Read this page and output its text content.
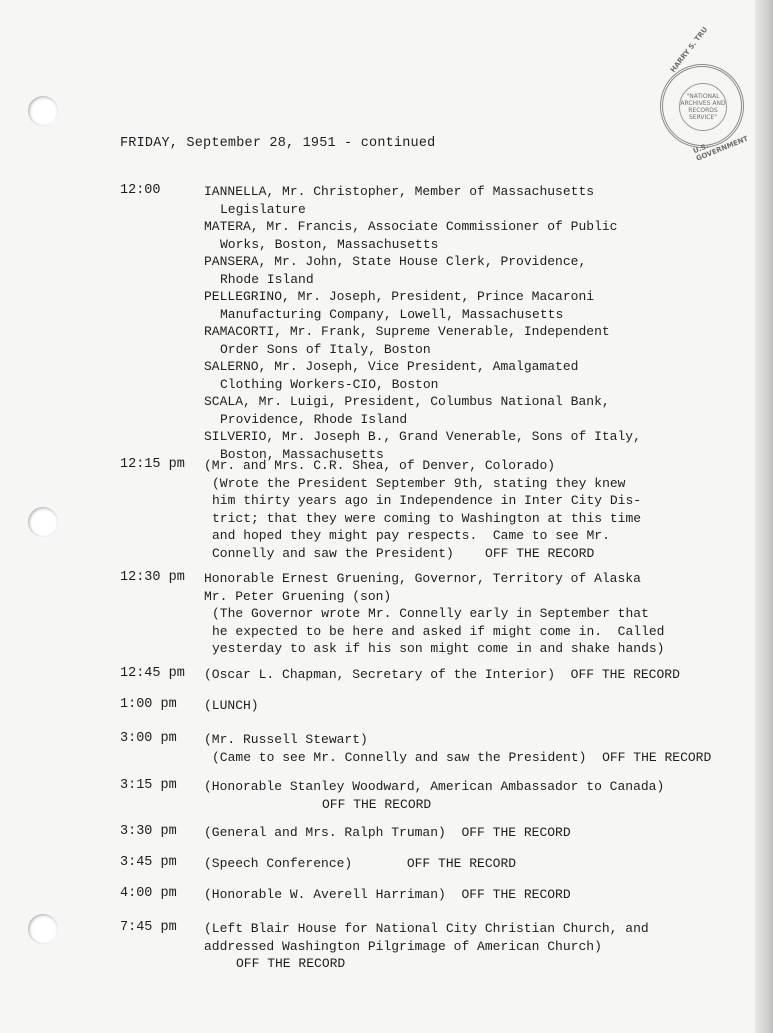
HARRY S. TRU
"NATIONAL
ARCHIVES AND
RECORDS
SERVICE"
U.S. GOVERNMENT
FRIDAY, September 28, 1951 - continued
12:00	IANNELLA, Mr. Christopher, Member of Massachusetts
Legislature
MATERA, Mr. Francis, Associate Commissioner of Public
Works, Boston, Massachusetts
PANSERA, Mr. John, State House Clerk, Providence,
Rhode Island
PELLEGRINO, Mr. Joseph, President, Prince Macaroni
Manufacturing Company, Lowell, Massachusetts
RAMACORTI, Mr. Frank, Supreme Venerable, Independent
Order Sons of Italy, Boston
SALERNO, Mr. Joseph, Vice President, Amalgamated
Clothing Workers-CIO, Boston
SCALA, Mr. Luigi, President, Columbus National Bank,
Providence, Rhode Island
SILVERIO, Mr. Joseph B., Grand Venerable, Sons of Italy,
Boston, Massachusetts
12:15 pm	(Mr. and Mrs. C.R. Shea, of Denver, Colorado)
(Wrote the President September 9th, stating they knew
him thirty years ago in Independence in Inter City Dis-
trict; that they were coming to Washington at this time
and hoped they might pay respects.  Came to see Mr.
Connelly and saw the President)    OFF THE RECORD
12:30 pm	Honorable Ernest Gruening, Governor, Territory of Alaska
Mr. Peter Gruening (son)
(The Governor wrote Mr. Connelly early in September that
he expected to be here and asked if might come in.  Called
yesterday to ask if his son might come in and shake hands)
12:45 pm	(Oscar L. Chapman, Secretary of the Interior)  OFF THE RECORD
1:00 pm	(LUNCH)
3:00 pm	(Mr. Russell Stewart)
(Came to see Mr. Connelly and saw the President)  OFF THE RECORD
3:15 pm	(Honorable Stanley Woodward, American Ambassador to Canada)
OFF THE RECORD
3:30 pm	(General and Mrs. Ralph Truman)  OFF THE RECORD
3:45 pm	(Speech Conference)       OFF THE RECORD
4:00 pm	(Honorable W. Averell Harriman)  OFF THE RECORD
7:45 pm	(Left Blair House for National City Christian Church, and
addressed Washington Pilgrimage of American Church)
OFF THE RECORD
